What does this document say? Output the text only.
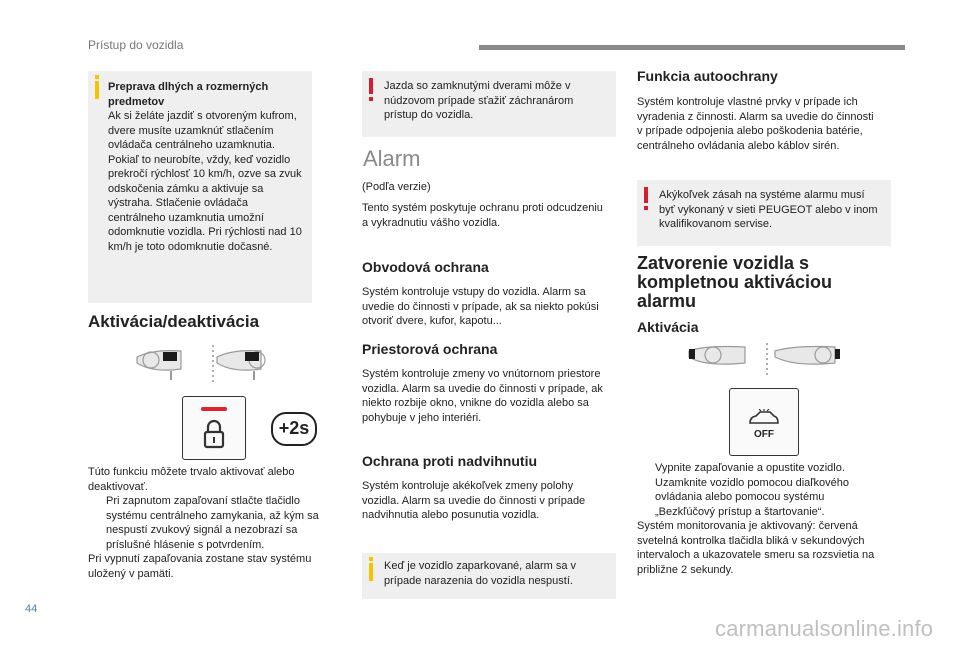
Prístup do vozidla

Preprava dlhých a rozmerných predmetov

Ak si želáte jazdiť s otvoreným kufrom, dvere musíte uzamknúť stlačením ovládača centrálneho uzamknutia. Pokiaľ to neurobíte, vždy, keď vozidlo prekročí rýchlosť 10 km/h, ozve sa zvuk odskočenia zámku a aktivuje sa výstraha. Stlačenie ovládača centrálneho uzamknutia umožní odomknutie vozidla. Pri rýchlosti nad 10 km/h je toto odomknutie dočasné.

Aktivácia/deaktivácia
+2s

Túto funkciu môžete trvalo aktivovať alebo deaktivovať.

Pri zapnutom zapaľovaní stlačte tlačidlo systému centrálneho zamykania, až kým sa nespustí zvukový signál a nezobrazí sa príslušné hlásenie s potvrdením.

Pri vypnutí zapaľovania zostane stav systému uložený v pamäti.

Jazda so zamknutými dverami môže v núdzovom prípade sťažiť záchranárom prístup do vozidla.

Alarm
(Podľa verzie)
Tento systém poskytuje ochranu proti odcudzeniu a vykradnutiu vášho vozidla.
Obvodová ochrana
Systém kontroluje vstupy do vozidla. Alarm sa uvedie do činnosti v prípade, ak sa niekto pokúsi otvoriť dvere, kufor, kapotu...
Priestorová ochrana
Systém kontroluje zmeny vo vnútornom priestore vozidla. Alarm sa uvedie do činnosti v prípade, ak niekto rozbije okno, vnikne do vozidla alebo sa pohybuje v jeho interiéri.
Ochrana proti nadvihnutiu
Systém kontroluje akékoľvek zmeny polohy vozidla. Alarm sa uvedie do činnosti v prípade nadvihnutia alebo posunutia vozidla.

Keď je vozidlo zaparkované, alarm sa v prípade narazenia do vozidla nespustí.

Funkcia autoochrany
Systém kontroluje vlastné prvky v prípade ich vyradenia z činnosti. Alarm sa uvedie do činnosti v prípade odpojenia alebo poškodenia batérie, centrálneho ovládania alebo káblov sirén.

Akýkoľvek zásah na systéme alarmu musí byť vykonaný v sieti PEUGEOT alebo v inom kvalifikovanom servise.

Zatvorenie vozidla s kompletnou aktiváciou alarmu
Aktivácia
OFF

Vypnite zapaľovanie a opustite vozidlo.

Uzamknite vozidlo pomocou diaľkového ovládania alebo pomocou systému „Bezkľúčový prístup a štartovanie“.

Systém monitorovania je aktivovaný: červená svetelná kontrolka tlačidla bliká v sekundových intervaloch a ukazovatele smeru sa rozsvietia na približne 2 sekundy.

44
carmanualsonline.info
